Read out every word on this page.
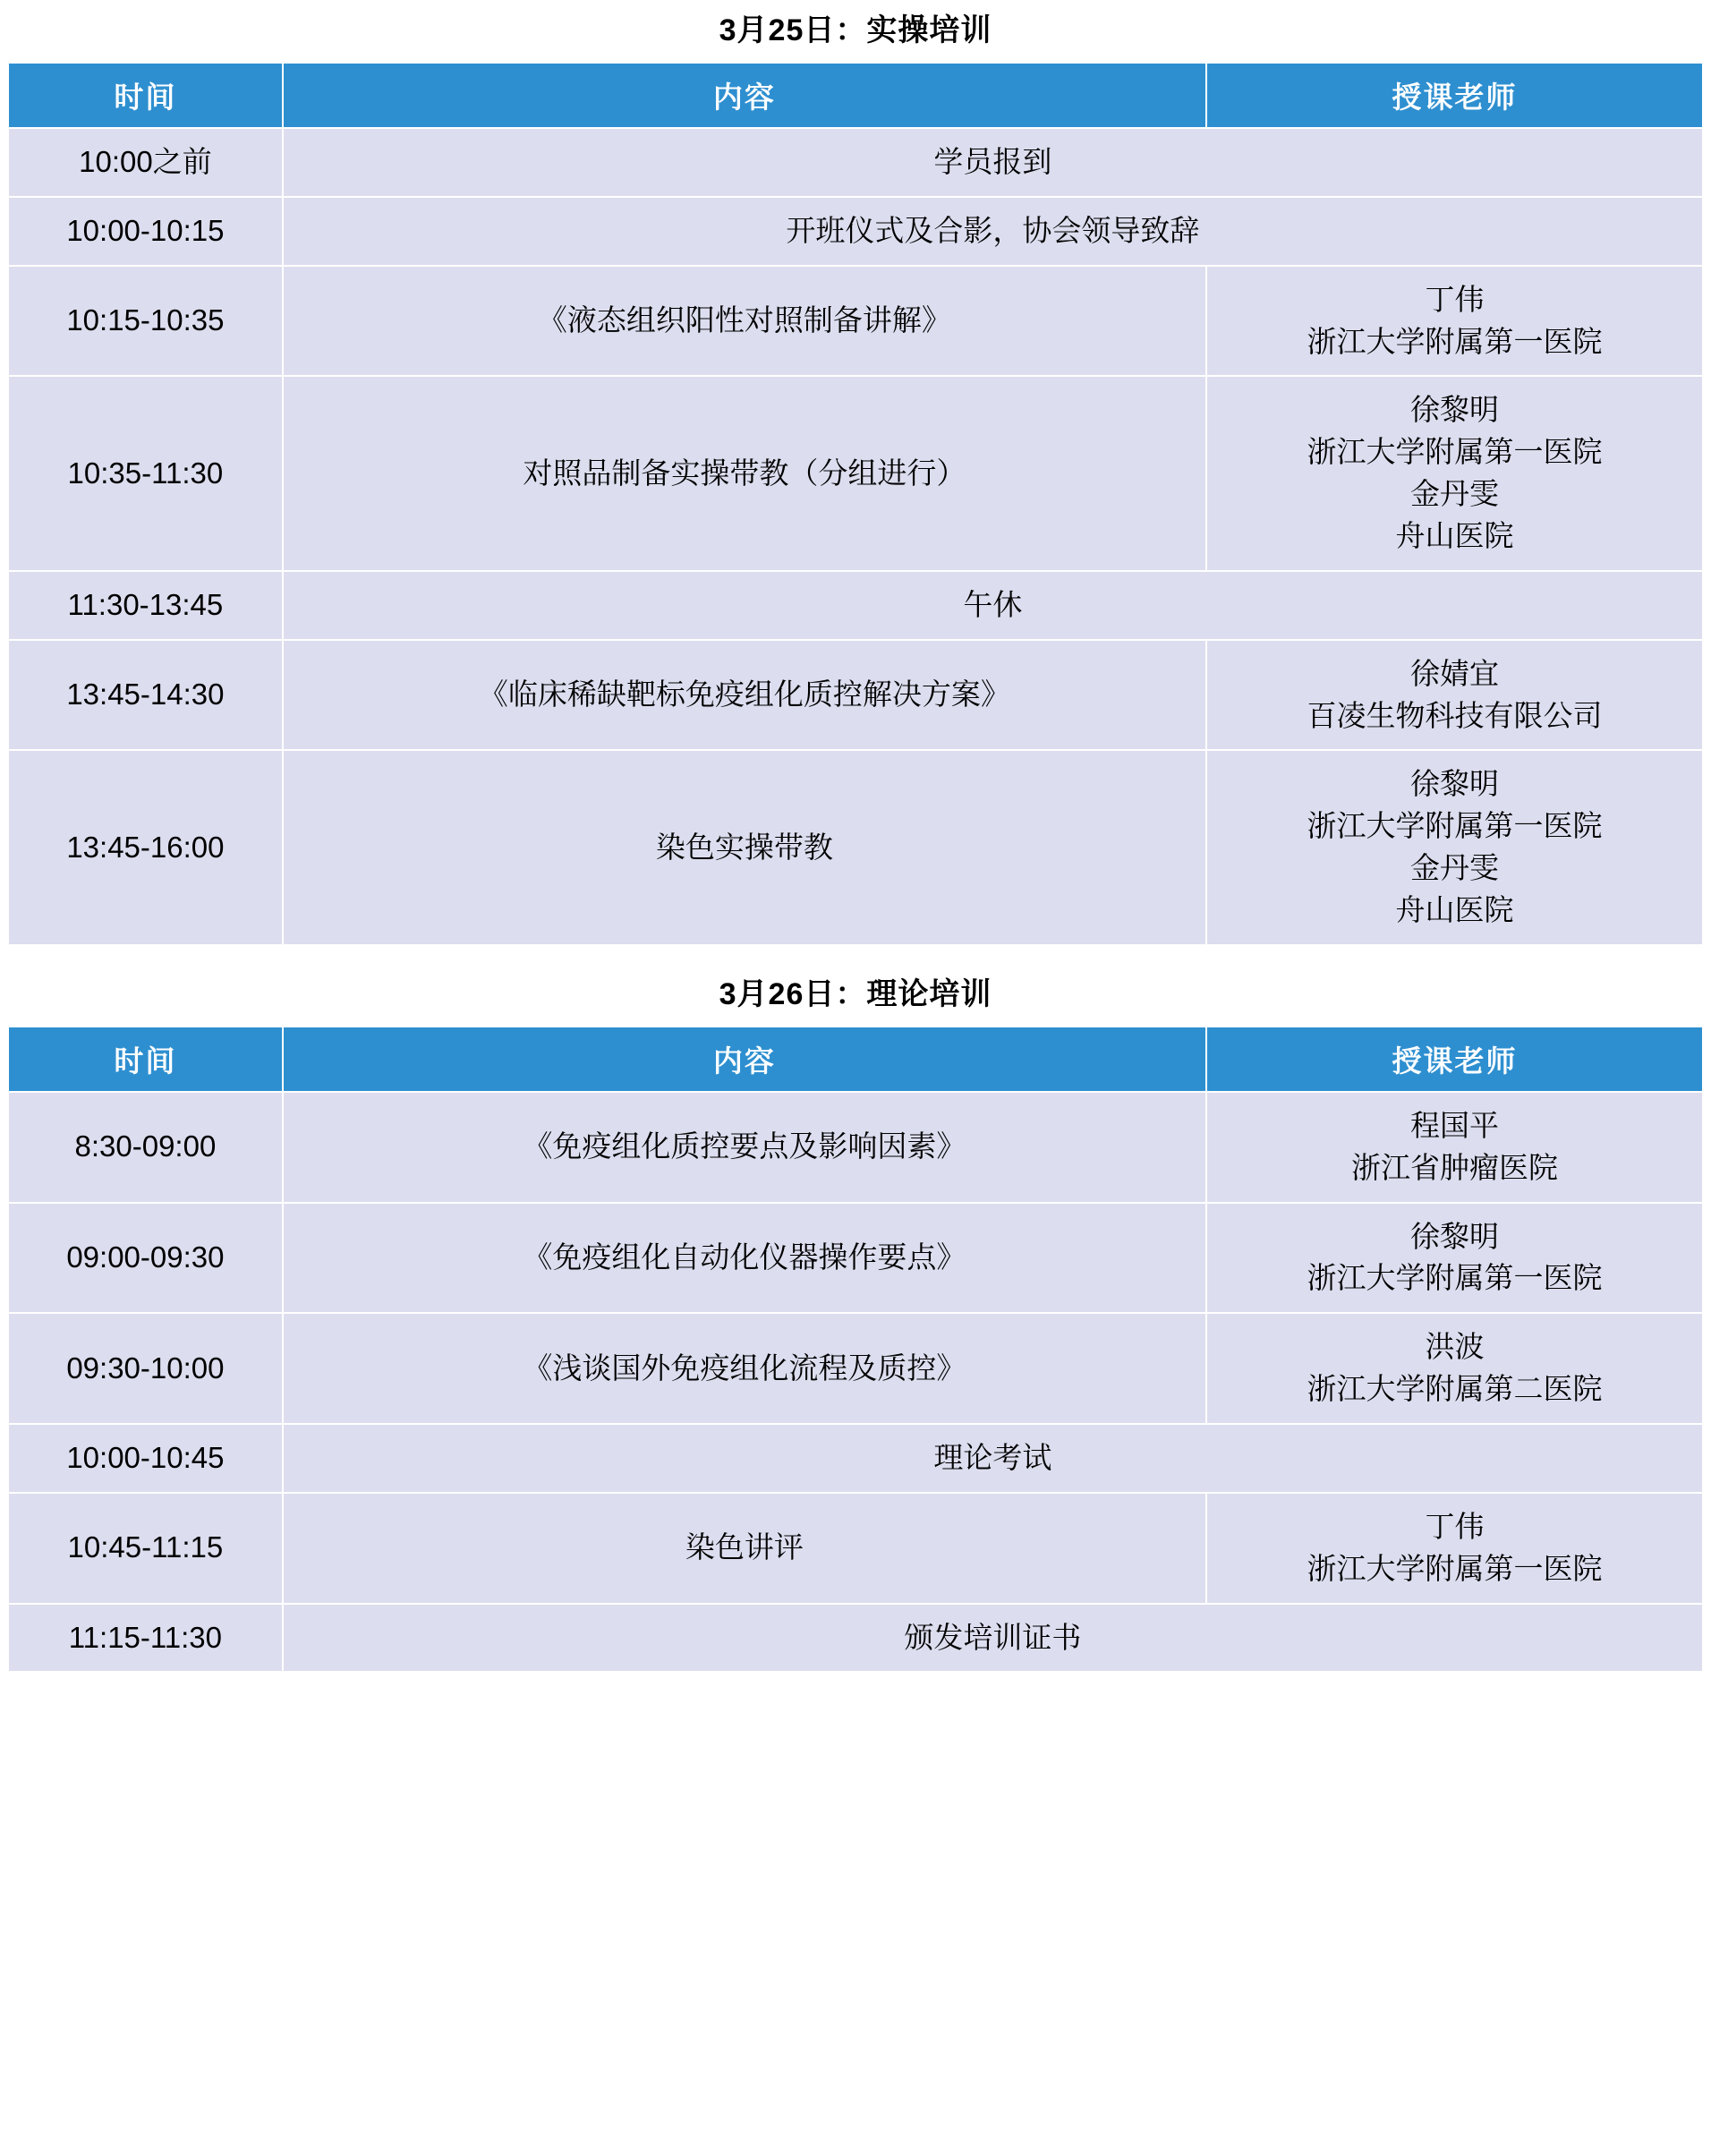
3月25日：实操培训
时间	内容	授课老师
10:00之前	学员报到	
10:00-10:15	开班仪式及合影，协会领导致辞	
10:15-10:35	《液态组织阳性对照制备讲解》	丁伟
浙江大学附属第一医院

10:35-11:30	对照品制备实操带教（分组进行）	徐黎明
浙江大学附属第一医院
金丹雯
舟山医院

11:30-13:45	午休	
13:45-14:30	《临床稀缺靶标免疫组化质控解决方案》	徐婧宜
百凌生物科技有限公司

13:45-16:00	染色实操带教	徐黎明
浙江大学附属第一医院
金丹雯
舟山医院
3月26日：理论培训
时间	内容	授课老师
8:30-09:00	《免疫组化质控要点及影响因素》	程国平
浙江省肿瘤医院

09:00-09:30	《免疫组化自动化仪器操作要点》	徐黎明
浙江大学附属第一医院

09:30-10:00	《浅谈国外免疫组化流程及质控》	洪波
浙江大学附属第二医院

10:00-10:45	理论考试	
10:45-11:15	染色讲评	丁伟
浙江大学附属第一医院

11:15-11:30	颁发培训证书	
